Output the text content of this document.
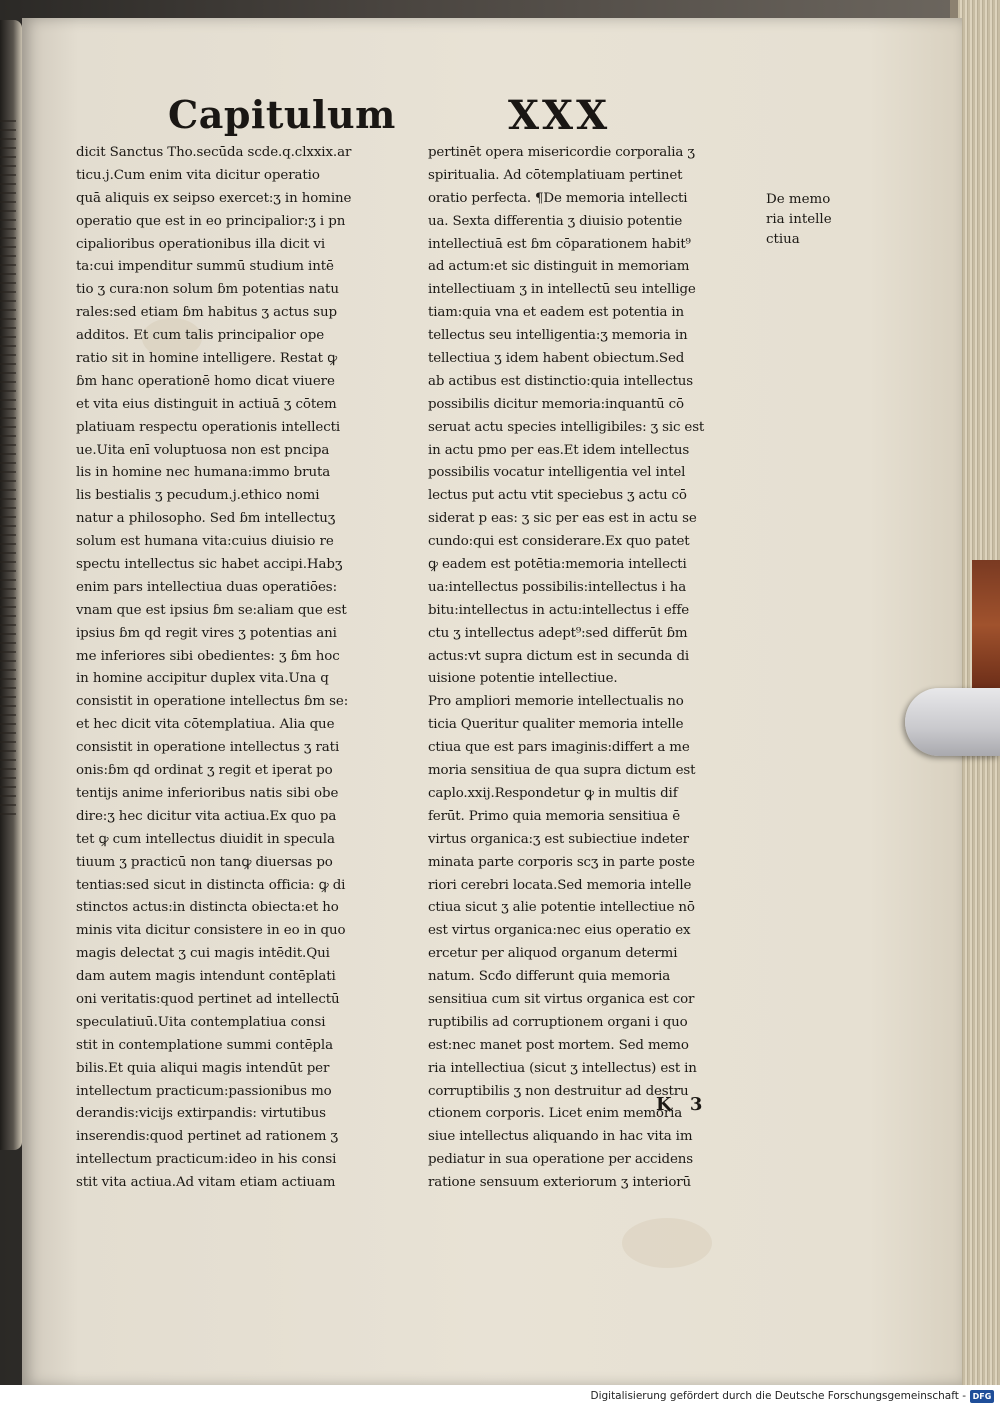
Capitulum	XXX
dicit Sanctus Tho.secūda scde.q.clxxix.ar
ticu.j.Cum enim vita dicitur operatio
quā aliquis ex seipso exercet:ʒ in homine
operatio que est in eo principalior:ʒ i pn
cipalioribus operationibus illa dicit vi
ta:cui impenditur summū studium intē
tio ʒ cura:non solum ɓm potentias natu
rales:sed etiam ɓm habitus ʒ actus sup
additos. Et cum talis principalior ope
ratio sit in homine intelligere. Restat ꝙ
ɓm hanc operationē homo dicat viuere
et vita eius distinguit in actiuā ʒ cōtem
platiuam respectu operationis intellecti
ue.Uita enī voluptuosa non est pncipa
lis in homine nec humana:immo bruta
lis bestialis ʒ pecudum.j.ethico nomi
natur a philosopho. Sed ɓm intellectuʒ
solum est humana vita:cuius diuisio re
spectu intellectus sic habet accipi.Habʒ
enim pars intellectiua duas operatiōes:
vnam que est ipsius ɓm se:aliam que est
ipsius ɓm qd regit vires ʒ potentias ani
me inferiores sibi obedientes: ʒ ɓm hoc
in homine accipitur duplex vita.Una q
consistit in operatione intellectus ɓm se:
et hec dicit vita cōtemplatiua. Alia que
consistit in operatione intellectus ʒ rati
onis:ɓm qd ordinat ʒ regit et iperat po
tentijs anime inferioribus natis sibi obe
dire:ʒ hec dicitur vita actiua.Ex quo pa
tet ꝙ cum intellectus diuidit in specula
tiuum ʒ practicū non tanꝙ diuersas po
tentias:sed sicut in distincta officia: ꝙ di
stinctos actus:in distincta obiecta:et ho
minis vita dicitur consistere in eo in quo
magis delectat ʒ cui magis intēdit.Qui
dam autem magis intendunt contēplati
oni veritatis:quod pertinet ad intellectū
speculatiuū.Uita contemplatiua consi
stit in contemplatione summi contēpla
bilis.Et quia aliqui magis intendūt per
intellectum practicum:passionibus mo
derandis:vicijs extirpandis: virtutibus
inserendis:quod pertinet ad rationem ʒ
intellectum practicum:ideo in his consi
stit vita actiua.Ad vitam etiam actiuam
pertinēt opera misericordie corporalia ʒ
spiritualia. Ad cōtemplatiuam pertinet
oratio perfecta. ¶De memoria intellecti
ua. Sexta differentia ʒ diuisio potentie
intellectiuā est ɓm cōparationem habit⁹
ad actum:et sic distinguit in memoriam
intellectiuam ʒ in intellectū seu intellige
tiam:quia vna et eadem est potentia in
tellectus seu intelligentia:ʒ memoria in
tellectiua ʒ idem habent obiectum.Sed
ab actibus est distinctio:quia intellectus
possibilis dicitur memoria:inquantū cō
seruat actu species intelligibiles: ʒ sic est
in actu pmo per eas.Et idem intellectus
possibilis vocatur intelligentia vel intel
lectus put actu vtit speciebus ʒ actu cō
siderat p eas: ʒ sic per eas est in actu se
cundo:qui est considerare.Ex quo patet
ꝙ eadem est potētia:memoria intellecti
ua:intellectus possibilis:intellectus i ha
bitu:intellectus in actu:intellectus i effe
ctu ʒ intellectus adept⁹:sed differūt ɓm
actus:vt supra dictum est in secunda di
uisione potentie intellectiue.
Pro ampliori memorie intellectualis no
ticia Queritur qualiter memoria intelle
ctiua que est pars imaginis:differt a me
moria sensitiua de qua supra dictum est
caplo.xxij.Respondetur ꝙ in multis dif
ferūt. Primo quia memoria sensitiua ē
virtus organica:ʒ est subiectiue indeter
minata parte corporis scʒ in parte poste
riori cerebri locata.Sed memoria intelle
ctiua sicut ʒ alie potentie intellectiue nō
est virtus organica:nec eius operatio ex
ercetur per aliquod organum determi
natum. Scđo differunt quia memoria
sensitiua cum sit virtus organica est cor
ruptibilis ad corruptionem organi i quo
est:nec manet post mortem. Sed memo
ria intellectiua (sicut ʒ intellectus) est in
corruptibilis ʒ non destruitur ad destru
ctionem corporis. Licet enim memoria
siue intellectus aliquando in hac vita im
pediatur in sua operatione per accidens
ratione sensuum exteriorum ʒ interiorū
De memo
ria intelle
ctiua
K 3
Digitalisierung gefördert durch die Deutsche Forschungsgemeinschaft - DFG
